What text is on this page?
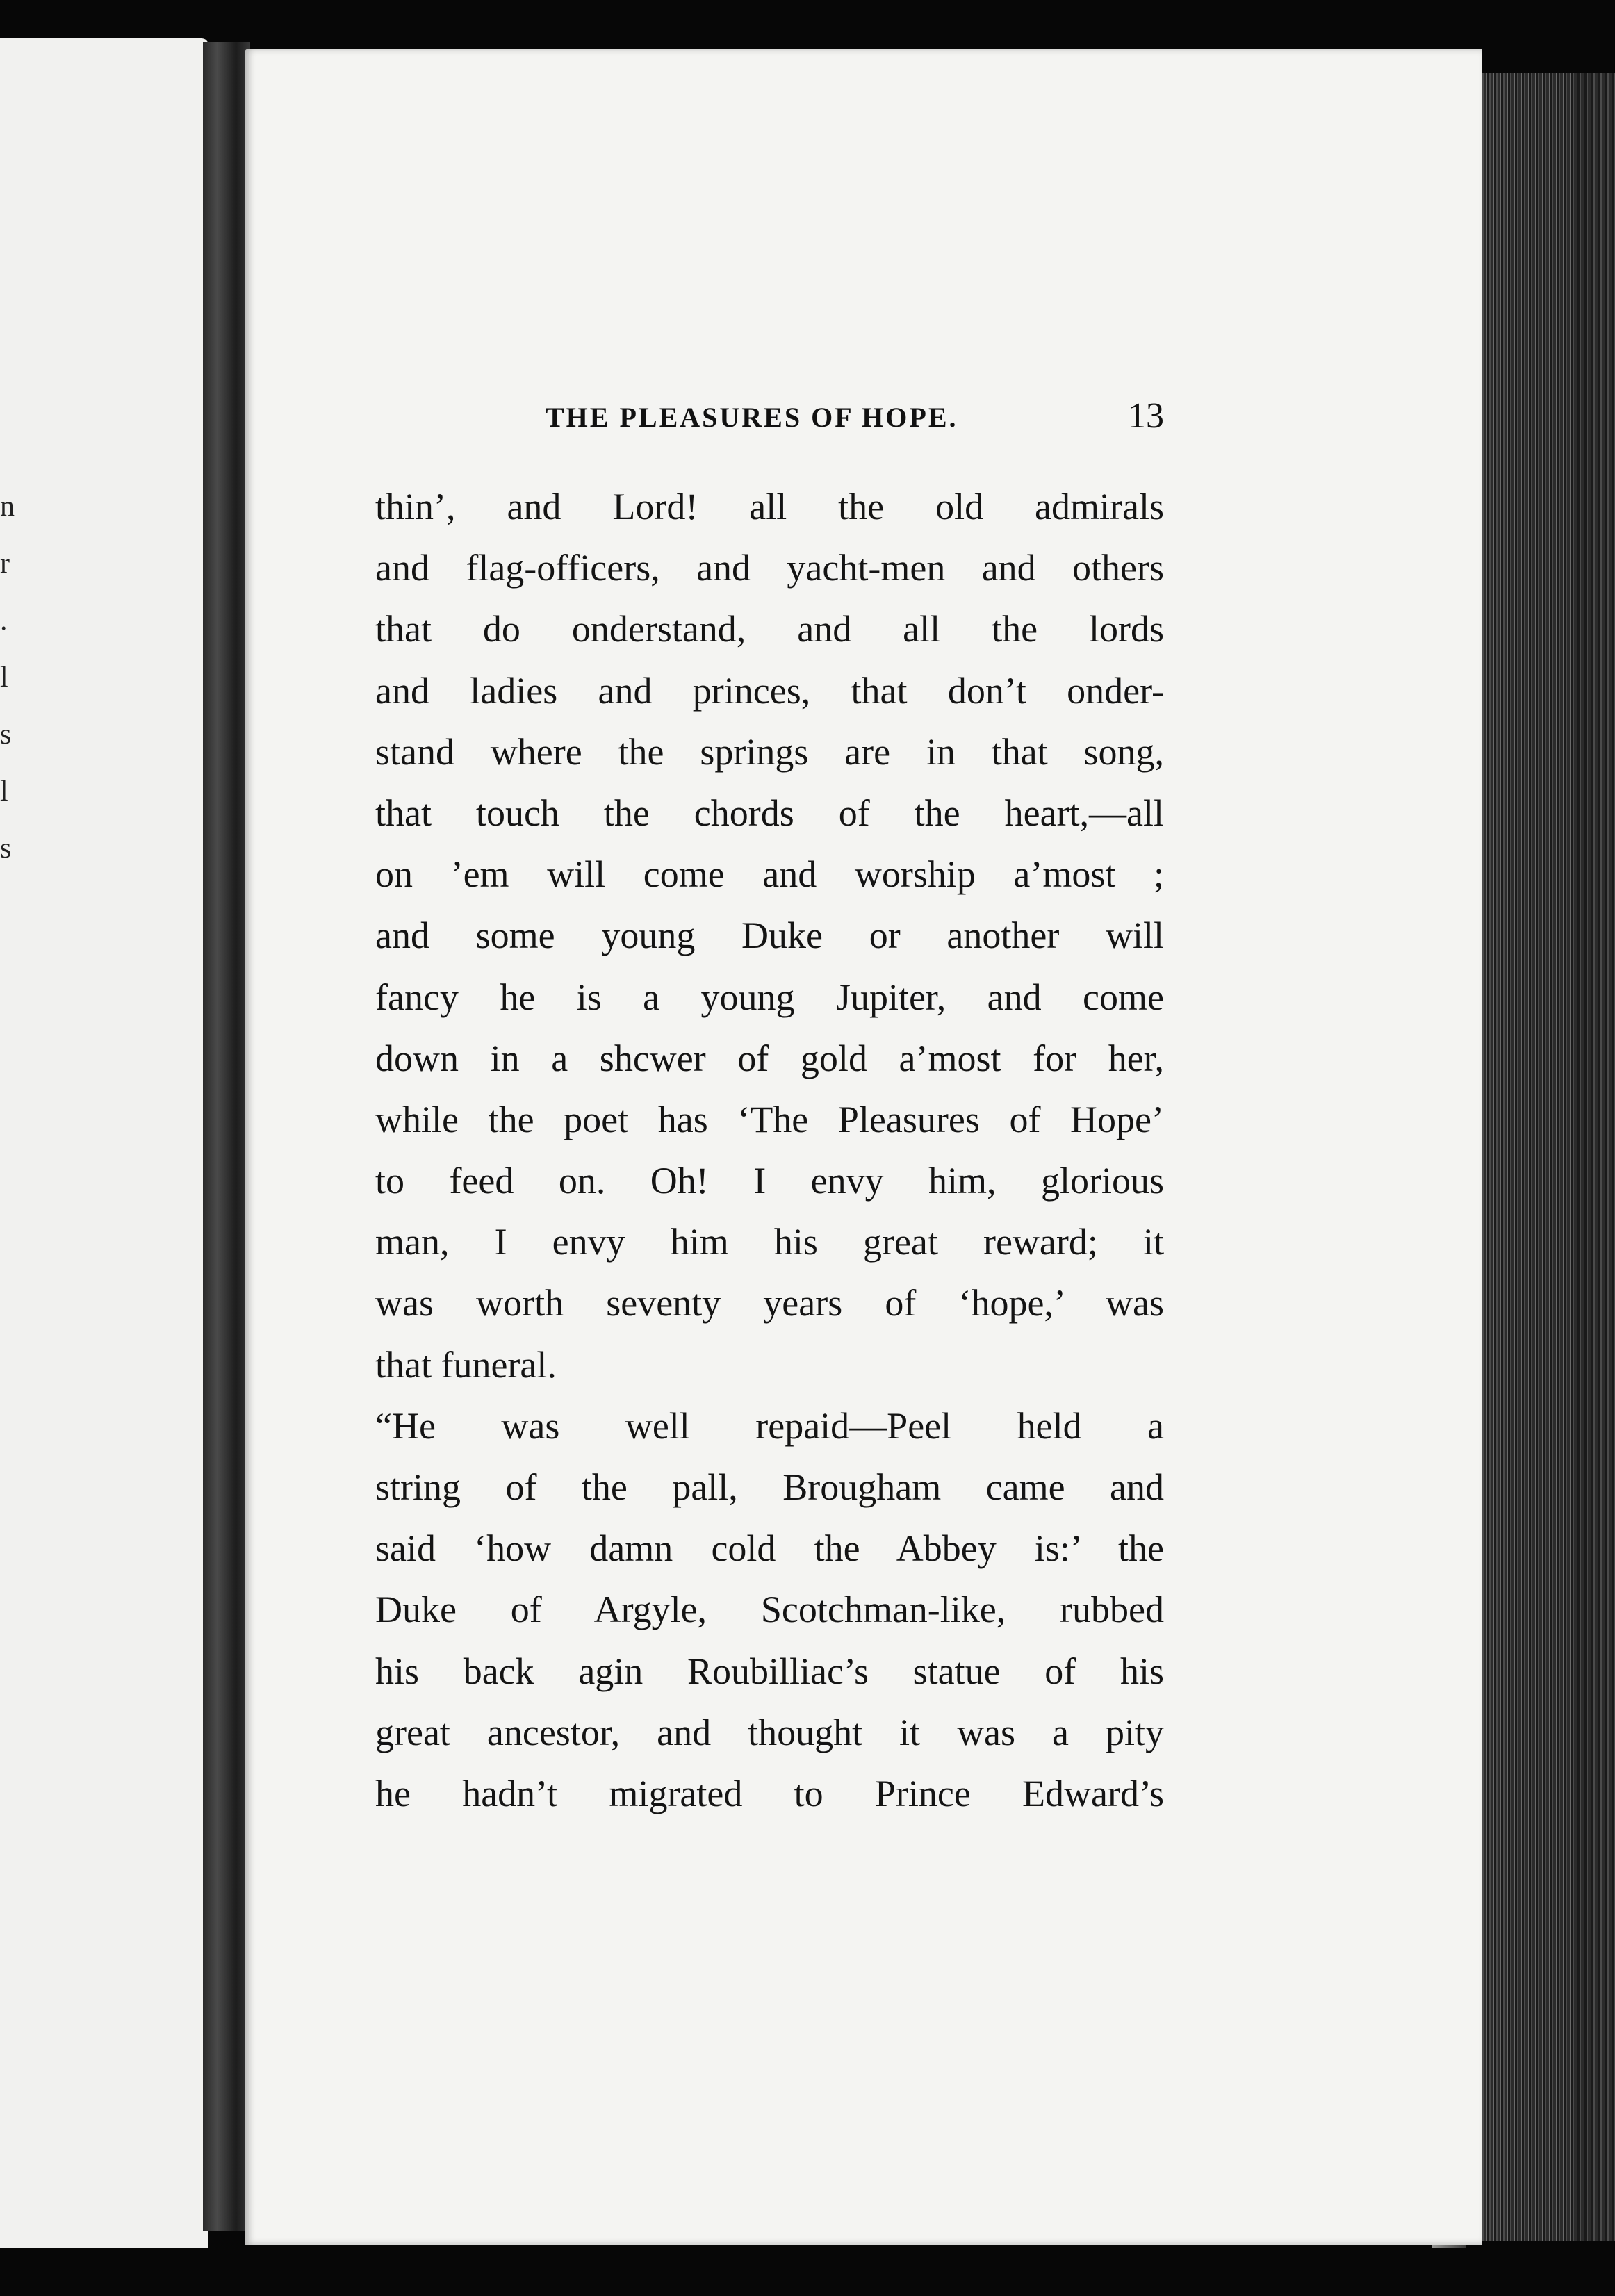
n
r
.
l
s
l
s
THE PLEASURES OF HOPE.	13
thin’, and Lord! all the old admirals
and flag-officers, and yacht-men and others
that do onderstand, and all the lords
and ladies and princes, that don’t onder-
stand where the springs are in that song,
that touch the chords of the heart,—all
on ’em will come and worship a’most ;
and some young Duke or another will
fancy he is a young Jupiter, and come
down in a shcwer of gold a’most for her,
while the poet has ‘The Pleasures of Hope’
to feed on. Oh! I envy him, glorious
man, I envy him his great reward; it
was worth seventy years of ‘hope,’ was
that funeral.
“He was well repaid—Peel held a
string of the pall, Brougham came and
said ‘how damn cold the Abbey is:’ the
Duke of Argyle, Scotchman-like, rubbed
his back agin Roubilliac’s statue of his
great ancestor, and thought it was a pity
he hadn’t migrated to Prince Edward’s
